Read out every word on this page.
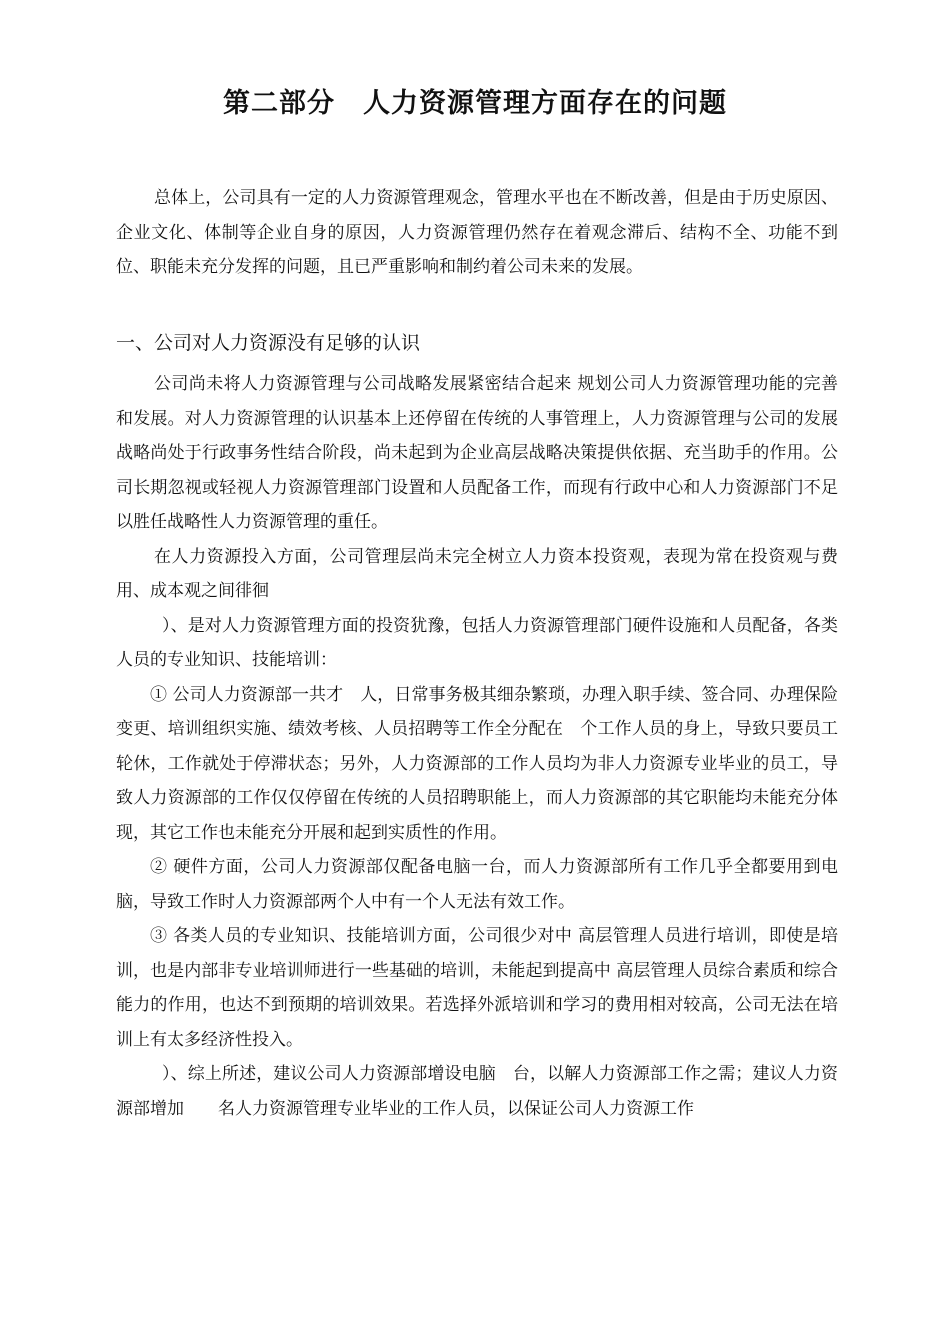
第二部分　人力资源管理方面存在的问题

总体上，公司具有一定的人力资源管理观念，管理水平也在不断改善，但是由于历史原因、企业文化、体制等企业自身的原因，人力资源管理仍然存在着观念滞后、结构不全、功能不到位、职能未充分发挥的问题，且已严重影响和制约着公司未来的发展。

一、公司对人力资源没有足够的认识

公司尚未将人力资源管理与公司战略发展紧密结合起来 规划公司人力资源管理功能的完善和发展。对人力资源管理的认识基本上还停留在传统的人事管理上，人力资源管理与公司的发展战略尚处于行政事务性结合阶段，尚未起到为企业高层战略决策提供依据、充当助手的作用。公司长期忽视或轻视人力资源管理部门设置和人员配备工作，而现有行政中心和人力资源部门不足以胜任战略性人力资源管理的重任。

在人力资源投入方面，公司管理层尚未完全树立人力资本投资观，表现为常在投资观与费用、成本观之间徘徊

）、是对人力资源管理方面的投资犹豫，包括人力资源管理部门硬件设施和人员配备，各类人员的专业知识、技能培训：

① 公司人力资源部一共才　人，日常事务极其细杂繁琐，办理入职手续、签合同、办理保险变更、培训组织实施、绩效考核、人员招聘等工作全分配在　个工作人员的身上，导致只要员工轮休，工作就处于停滞状态；另外，人力资源部的工作人员均为非人力资源专业毕业的员工，导致人力资源部的工作仅仅停留在传统的人员招聘职能上，而人力资源部的其它职能均未能充分体现，其它工作也未能充分开展和起到实质性的作用。

② 硬件方面，公司人力资源部仅配备电脑一台，而人力资源部所有工作几乎全都要用到电脑，导致工作时人力资源部两个人中有一个人无法有效工作。

③ 各类人员的专业知识、技能培训方面，公司很少对中 高层管理人员进行培训，即使是培训，也是内部非专业培训师进行一些基础的培训，未能起到提高中 高层管理人员综合素质和综合能力的作用，也达不到预期的培训效果。若选择外派培训和学习的费用相对较高，公司无法在培训上有太多经济性投入。

）、综上所述，建议公司人力资源部增设电脑　台，以解人力资源部工作之需；建议人力资源部增加　　名人力资源管理专业毕业的工作人员，以保证公司人力资源工作
